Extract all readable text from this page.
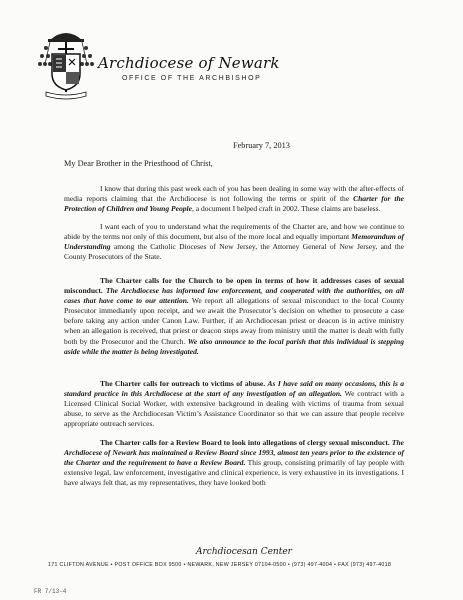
Archdiocese of Newark
OFFICE OF THE ARCHBISHOP
February 7, 2013
My Dear Brother in the Priesthood of Christ,

I know that during this past week each of you has been dealing in some way with the after-effects of media reports claiming that the Archdiocese is not following the terms or spirit of the Charter for the Protection of Children and Young People, a document I helped craft in 2002. These claims are baseless.

I want each of you to understand what the requirements of the Charter are, and how we continue to abide by the terms not only of this document, but also of the more local and equally important Memorandum of Understanding among the Catholic Dioceses of New Jersey, the Attorney General of New Jersey, and the County Prosecutors of the State.

The Charter calls for the Church to be open in terms of how it addresses cases of sexual misconduct. The Archdiocese has informed law enforcement, and cooperated with the authorities, on all cases that have come to our attention. We report all allegations of sexual misconduct to the local County Prosecutor immediately upon receipt, and we await the Prosecutor’s decision on whether to prosecute a case before taking any action under Canon Law. Further, if an Archdiocesan priest or deacon is in active ministry when an allegation is received, that priest or deacon steps away from ministry until the matter is dealt with fully both by the Prosecutor and the Church. We also announce to the local parish that this individual is stepping aside while the matter is being investigated.

The Charter calls for outreach to victims of abuse. As I have said on many occasions, this is a standard practice in this Archdiocese at the start of any investigation of an allegation. We contract with a Licensed Clinical Social Worker, with extensive background in dealing with victims of trauma from sexual abuse, to serve as the Archdiocesan Victim’s Assistance Coordinator so that we can assure that people receive appropriate outreach services.

The Charter calls for a Review Board to look into allegations of clergy sexual misconduct. The Archdiocese of Newark has maintained a Review Board since 1993, almost ten years prior to the existence of the Charter and the requirement to have a Review Board. This group, consisting primarily of lay people with extensive legal, law enforcement, investigative and clinical experience, is very exhaustive in its investigations. I have always felt that, as my representatives, they have looked both

Archdiocesan Center
171 CLIFTON AVENUE • POST OFFICE BOX 9500 • NEWARK, NEW JERSEY 07104-0500 • (973) 497-4004 • FAX (973) 497-4018
FR 7/13-4
